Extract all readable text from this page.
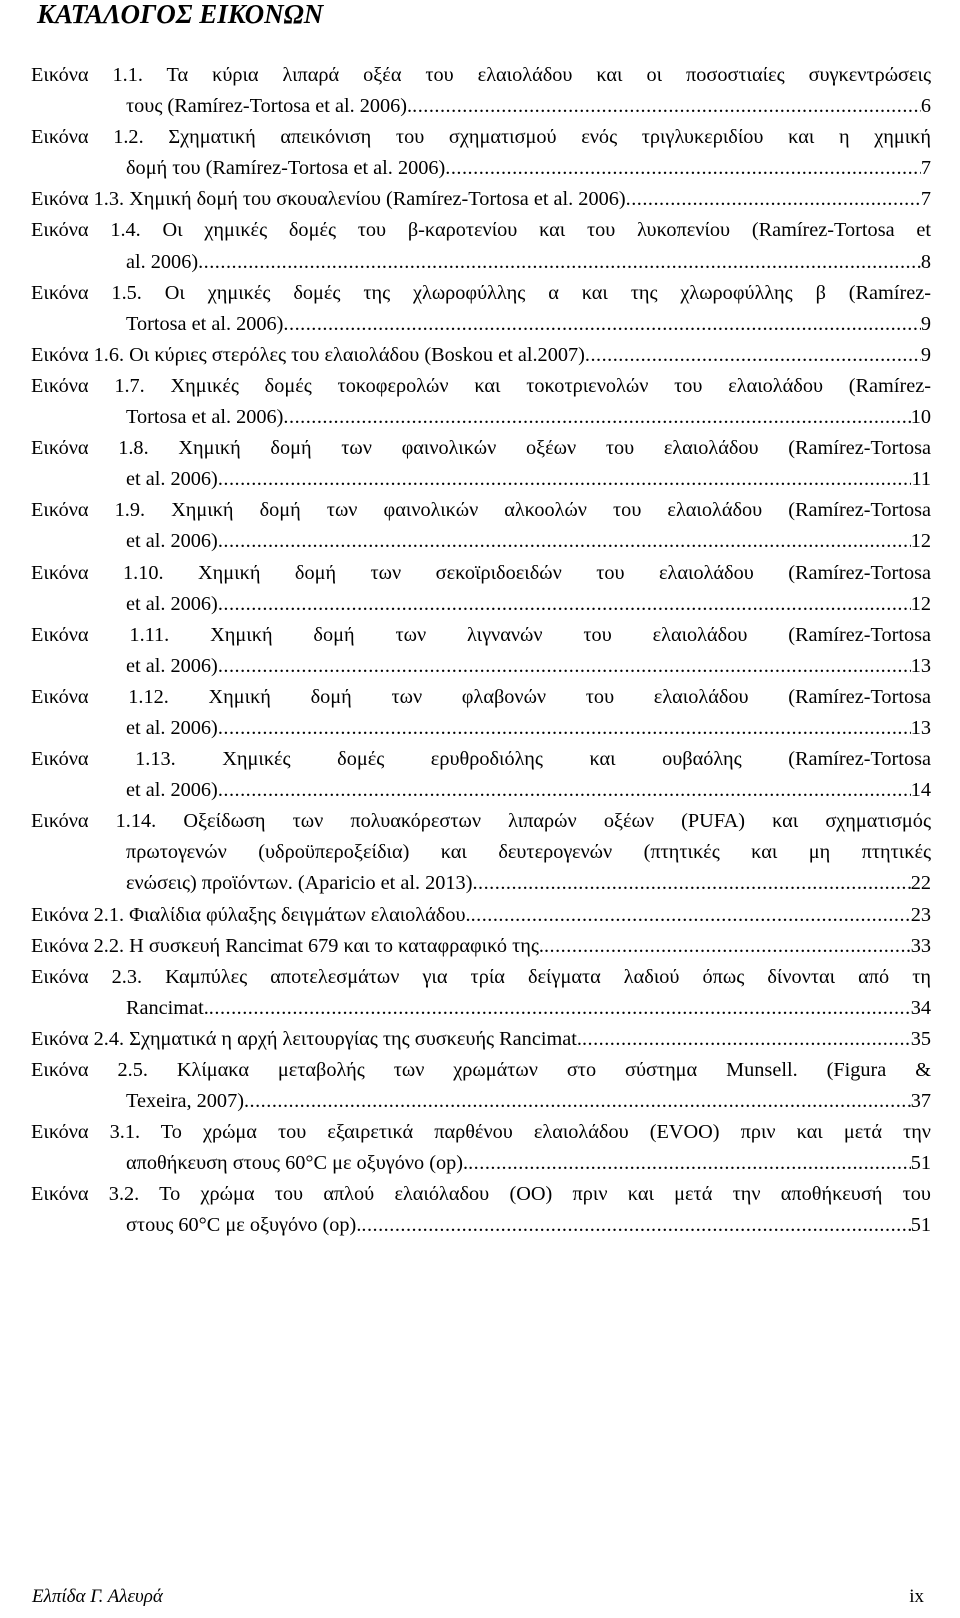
ΚΑΤΑΛΟΓΟΣ ΕΙΚΟΝΩΝ
Εικόνα 1.1. Τα κύρια λιπαρά οξέα του ελαιολάδου και οι ποσοστιαίες συγκεντρώσεις
τους (Ramírez-Tortosa et al. 2006). .....	6
Εικόνα 1.2. Σχηματική απεικόνιση του σχηματισμού ενός τριγλυκεριδίου και η χημική
δομή του (Ramírez-Tortosa et al. 2006) .....	7
Εικόνα 1.3. Χημική δομή του σκουαλενίου (Ramírez-Tortosa et al. 2006) .....	7
Εικόνα 1.4. Οι χημικές δομές του β-καροτενίου και του λυκοπενίου (Ramírez-Tortosa et
al. 2006) .....	8
Εικόνα 1.5. Οι χημικές δομές της χλωροφύλλης α και της χλωροφύλλης β (Ramírez-
Tortosa et al. 2006) .....	9
Εικόνα 1.6. Οι κύριες στερόλες του ελαιολάδου (Boskou et al.2007) .....	9
Εικόνα 1.7. Χημικές δομές τοκοφερολών και τοκοτριενολών του ελαιολάδου (Ramírez-
Tortosa et al. 2006) .....	10
Εικόνα 1.8. Χημική δομή των φαινολικών οξέων του ελαιολάδου (Ramírez-Tortosa
et al. 2006) .....	11
Εικόνα 1.9. Χημική δομή των φαινολικών αλκοολών του ελαιολάδου (Ramírez-Tortosa
et al. 2006) .....	12
Εικόνα 1.10. Χημική δομή των σεκοϊριδοειδών του ελαιολάδου (Ramírez-Tortosa
et al. 2006) .....	12
Εικόνα 1.11. Χημική δομή των λιγνανών του ελαιολάδου (Ramírez-Tortosa
et al. 2006) .....	13
Εικόνα 1.12. Χημική δομή των φλαβονών του ελαιολάδου (Ramírez-Tortosa
et al. 2006) .....	13
Εικόνα 1.13. Χημικές δομές ερυθροδιόλης και ουβαόλης (Ramírez-Tortosa
et al. 2006) .....	14
Εικόνα 1.14. Οξείδωση των πολυακόρεστων λιπαρών οξέων (PUFA) και σχηματισμός
πρωτογενών (υδροϋπεροξείδια) και δευτερογενών (πτητικές και μη πτητικές
ενώσεις) προϊόντων. (Aparicio et al. 2013) .....	22
Εικόνα 2.1. Φιαλίδια φύλαξης δειγμάτων ελαιολάδου. .....	23
Εικόνα 2.2. Η συσκευή Rancimat 679 και το καταφραφικό της. .....	33
Εικόνα 2.3. Καμπύλες αποτελεσμάτων για τρία δείγματα λαδιού όπως δίνονται από τη
Rancimat. .....	34
Εικόνα 2.4. Σχηματικά η αρχή λειτουργίας της συσκευής Rancimat. .....	35
Εικόνα 2.5. Κλίμακα μεταβολής των χρωμάτων στο σύστημα Munsell. (Figura &
Texeira, 2007) .....	37
Εικόνα 3.1. Το χρώμα του εξαιρετικά παρθένου ελαιολάδου (EVOO) πριν και μετά την
αποθήκευση στους 60°C με οξυγόνο (op). .....	51
Εικόνα 3.2. Το χρώμα του απλού ελαιόλαδου (ΟΟ) πριν και μετά την αποθήκευσή του
στους 60°C με οξυγόνο (op). .....	51
Ελπίδα Γ. Αλευρά	ix
